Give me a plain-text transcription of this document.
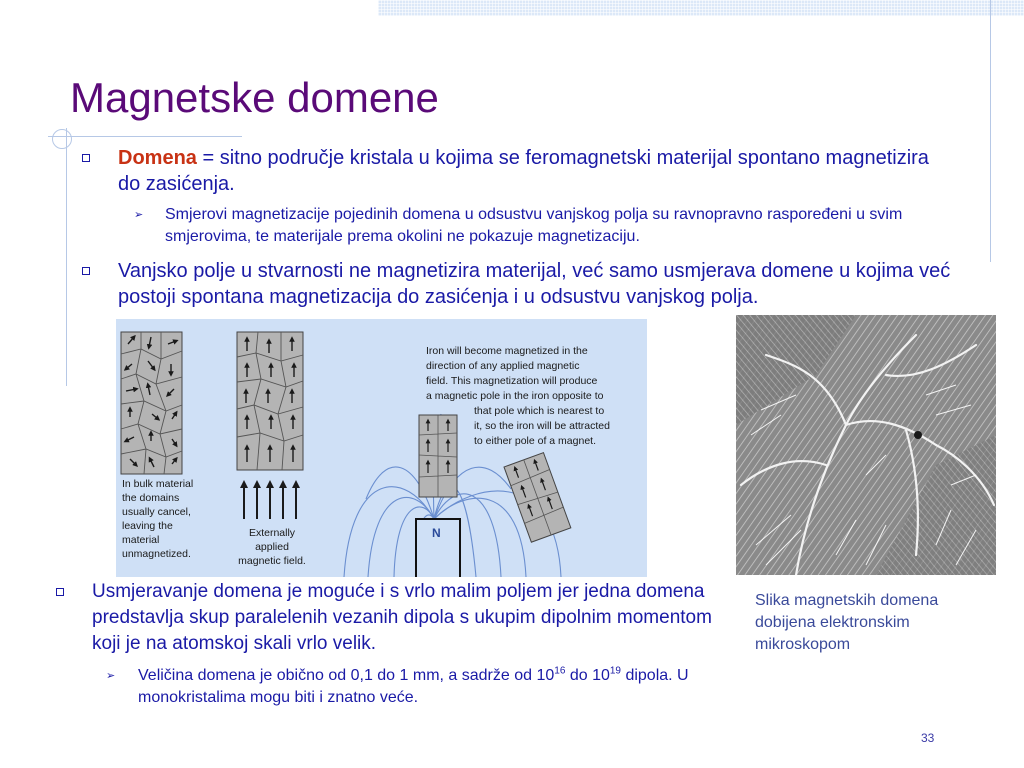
Magnetske domene
Domena = sitno područje kristala u kojima se feromagnetski materijal spontano magnetizira do zasićenja.
➢ Smjerovi magnetizacije pojedinih domena u odsustvu vanjskog polja su ravnopravno raspoređeni u svim smjerovima, te materijale prema okolini ne pokazuje magnetizaciju.
Vanjsko polje u stvarnosti ne magnetizira materijal, već samo usmjerava domene u kojima već postoji spontana magnetizacija do zasićenja i u odsustvu vanjskog polja.
N
Iron will become magnetized in the
direction of any applied magnetic
field. This magnetization will produce
a magnetic pole in the iron opposite to
that pole which is nearest to
it, so the iron will be attracted
to either pole of a magnet.
In bulk material
the domains
usually cancel,
leaving the
material
unmagnetized.
Externally
applied
magnetic field.
Slika magnetskih domena dobijena elektronskim mikroskopom
Usmjeravanje domena je moguće i s vrlo malim poljem jer jedna domena predstavlja skup paralelenih vezanih dipola s ukupim dipolnim momentom koji je na atomskoj skali vrlo velik.
➢ Veličina domena je obično od 0,1 do 1 mm, a sadrže od $10^{16}$ do $10^{19}$ dipola. U monokristalima mogu biti i znatno veće.
33
